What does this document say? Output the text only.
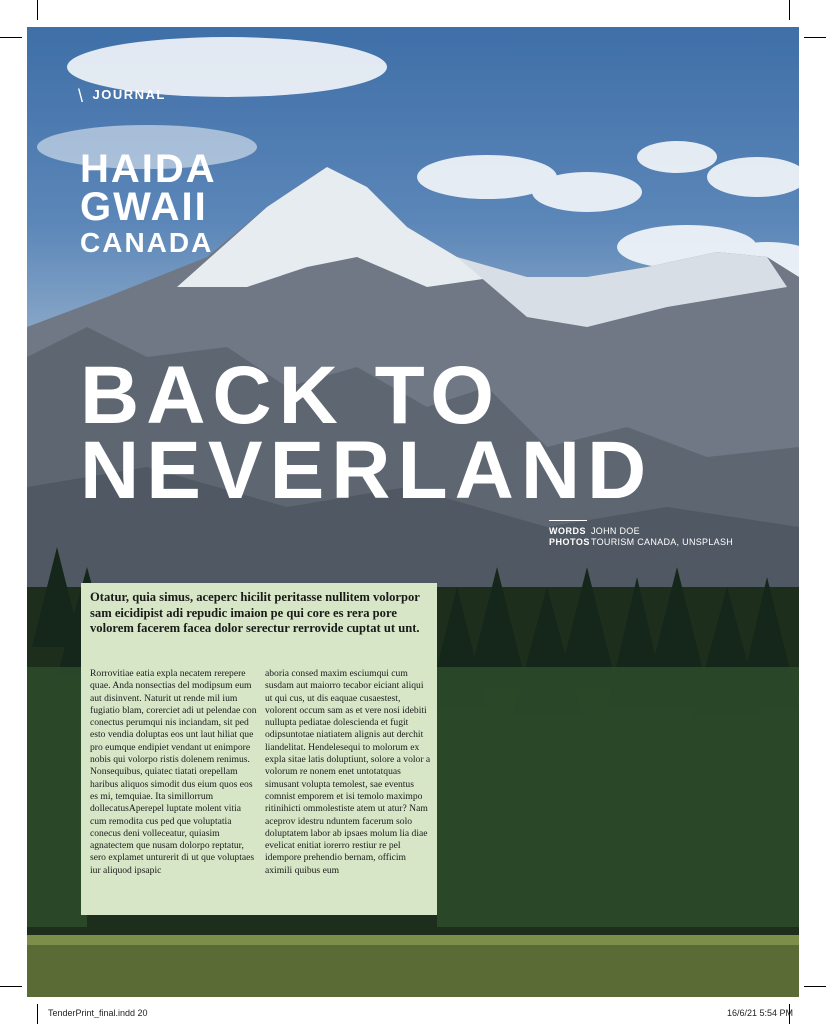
\ JOURNAL
HAIDA
GWAII
CANADA
BACK TO
NEVERLAND
WORDS JOHN DOE
PHOTOSTOURISM CANADA, UNSPLASH
Otatur, quia simus, aceperc hicilit peritasse nullitem volorpor sam eicidipist adi repudic imaion pe qui core es rera pore volorem facerem facea dolor serectur rerrovide cuptat ut unt.
Rorrovitiae eatia expla necatem rerepere quae. Anda nonsectias del modipsum eum aut disinvent. Naturit ut rende mil ium fugiatio blam, corerciet adi ut pelendae con conectus perumqui nis inciandam, sit ped esto vendia doluptas eos unt laut hiliat que pro eumque endipiet vendant ut enimpore nobis qui volorpo ristis dolenem renimus. Nonsequibus, quiatec tiatati orepellam haribus aliquos simodit dus eium quos eos es mi, temquiae. Ita simillorrum dollecatusAperepel luptate molent vitia cum remodita cus ped que voluptatia conecus deni volleceatur, quiasim agnatectem que nusam dolorpo reptatur, sero explamet unturerit di ut que voluptaes iur aliquod ipsapic
aboria consed maxim esciumqui cum susdam aut maiorro tecabor eiciant aliqui ut qui cus, ut dis eaquae cusaestest, volorent occum sam as et vere nosi idebiti nullupta pediatae dolescienda et fugit odipsuntotae niatiatem alignis aut derchit liandelitat. Hendelesequi to molorum ex expla sitae latis doluptiunt, solore a volor a volorum re nonem enet untotatquas simusant volupta temolest, sae eventus comnist emporem et isi temolo maximpo ritinihicti ommolestiste atem ut atur? Nam aceprov idestru nduntem facerum solo doluptatem labor ab ipsaes molum lia diae evelicat enitiat iorerro restiur re pel idempore prehendio bernam, officim aximili quibus eum
TenderPrint_final.indd 20	16/6/21 5:54 PM
